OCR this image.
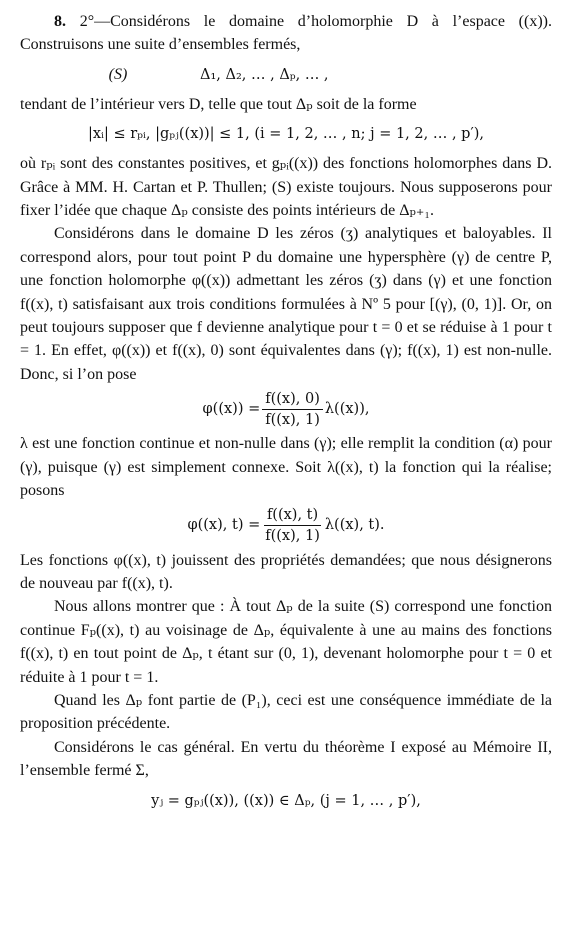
8. 2°—Considérons le domaine d’holomorphie D à l’espace ((x)). Construisons une suite d’ensembles fermés,

(S)	Δ₁, Δ₂, … , Δₚ, … ,

tendant de l’intérieur vers D, telle que tout Δₚ soit de la forme

|xᵢ| ≤ rₚᵢ, |gₚⱼ((x))| ≤ 1, (i = 1, 2, … , n; j = 1, 2, … , p′),

où rₚᵢ sont des constantes positives, et gₚᵢ((x)) des fonctions holomorphes dans D. Grâce à MM. H. Cartan et P. Thullen; (S) existe toujours. Nous supposerons pour fixer l’idée que chaque Δₚ consiste des points intérieurs de Δₚ₊₁.

Considérons dans le domaine D les zéros (ʒ) analytiques et baloyables. Il correspond alors, pour tout point P du domaine une hypersphère (γ) de centre P, une fonction holomorphe φ((x)) admettant les zéros (ʒ) dans (γ) et une fonction f((x), t) satisfaisant aux trois conditions formulées à Nº 5 pour [(γ), (0, 1)]. Or, on peut toujours supposer que f devienne analytique pour t = 0 et se réduise à 1 pour t = 1. En effet, φ((x)) et f((x), 0) sont équivalentes dans (γ); f((x), 1) est non-nulle. Donc, si l’on pose

$\varphi((x)) = \frac{f((x), 0)}{f((x), 1)} \lambda((x))$,

λ est une fonction continue et non-nulle dans (γ); elle remplit la condition (α) pour (γ), puisque (γ) est simplement connexe. Soit λ((x), t) la fonction qui la réalise; posons

φ((x), $t) = \frac{f((x), t)}{f((x), 1)} \lambda((x)$, t).

Les fonctions φ((x), t) jouissent des propriétés demandées; que nous désignerons de nouveau par f((x), t).

Nous allons montrer que : À tout Δₚ de la suite (S) correspond une fonction continue Fₚ((x), t) au voisinage de Δₚ, équivalente à une au mains des fonctions f((x), t) en tout point de Δₚ, t étant sur (0, 1), devenant holomorphe pour t = 0 et réduite à 1 pour t = 1.

Quand les Δₚ font partie de (P₁), ceci est une conséquence immédiate de la proposition précédente.

Considérons le cas général. En vertu du théorème I exposé au Mémoire II, l’ensemble fermé Σ,

yⱼ = gₚⱼ((x)), ((x)) ∈ Δₚ, (j = 1, … , p′),
